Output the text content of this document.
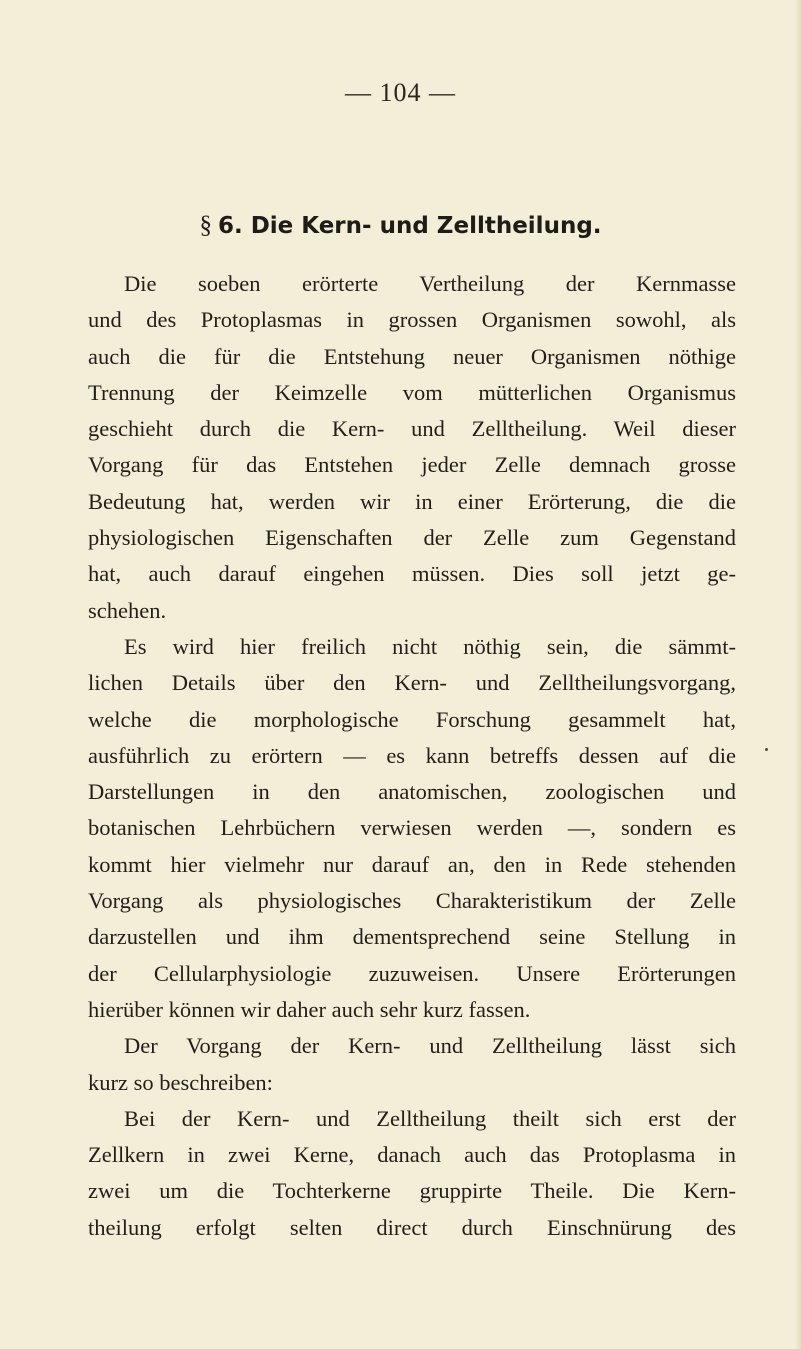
— 104 —
§ 6. Die Kern- und Zelltheilung.
Die soeben erörterte Vertheilung der Kernmasse
und des Protoplasmas in grossen Organismen sowohl, als
auch die für die Entstehung neuer Organismen nöthige
Trennung der Keimzelle vom mütterlichen Organismus
geschieht durch die Kern- und Zelltheilung. Weil dieser
Vorgang für das Entstehen jeder Zelle demnach grosse
Bedeutung hat, werden wir in einer Erörterung, die die
physiologischen Eigenschaften der Zelle zum Gegenstand
hat, auch darauf eingehen müssen. Dies soll jetzt ge-
schehen.
Es wird hier freilich nicht nöthig sein, die sämmt-
lichen Details über den Kern- und Zelltheilungsvorgang,
welche die morphologische Forschung gesammelt hat,
ausführlich zu erörtern — es kann betreffs dessen auf die
Darstellungen in den anatomischen, zoologischen und
botanischen Lehrbüchern verwiesen werden —, sondern es
kommt hier vielmehr nur darauf an, den in Rede stehenden
Vorgang als physiologisches Charakteristikum der Zelle
darzustellen und ihm dementsprechend seine Stellung in
der Cellularphysiologie zuzuweisen. Unsere Erörterungen
hierüber können wir daher auch sehr kurz fassen.
Der Vorgang der Kern- und Zelltheilung lässt sich
kurz so beschreiben:
Bei der Kern- und Zelltheilung theilt sich erst der
Zellkern in zwei Kerne, danach auch das Protoplasma in
zwei um die Tochterkerne gruppirte Theile. Die Kern-
theilung erfolgt selten direct durch Einschnürung des
